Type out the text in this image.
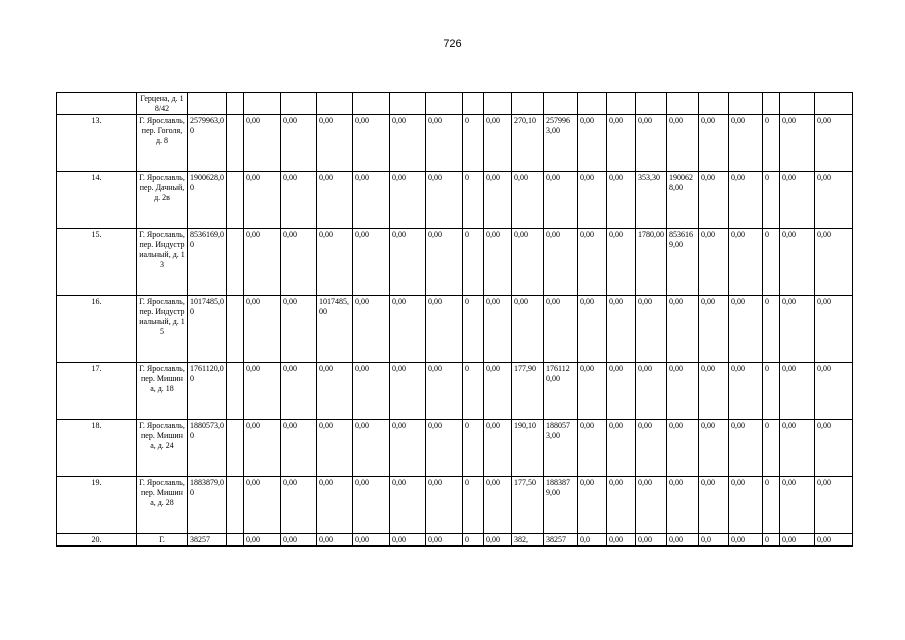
726
	Герцена, д. 18/42																					
13.	Г. Ярославль, пер. Гоголя, д. 8	2579963,00		0,00	0,00	0,00	0,00	0,00	0,00	0	0,00	270,10	2579963,00	0,00	0,00	0,00	0,00	0,00	0,00	0	0,00	0,00
14.	Г. Ярославль, пер. Дачный, д. 2в	1900628,00		0,00	0,00	0,00	0,00	0,00	0,00	0	0,00	0,00	0,00	0,00	0,00	353,30	1900628,00	0,00	0,00	0	0,00	0,00
15.	Г. Ярославль, пер. Индустриальный, д. 13	8536169,00		0,00	0,00	0,00	0,00	0,00	0,00	0	0,00	0,00	0,00	0,00	0,00	1780,00	8536169,00	0,00	0,00	0	0,00	0,00
16.	Г. Ярославль, пер. Индустриальный, д. 15	1017485,00		0,00	0,00	1017485,00	0,00	0,00	0,00	0	0,00	0,00	0,00	0,00	0,00	0,00	0,00	0,00	0,00	0	0,00	0,00
17.	Г. Ярославль, пер. Мишина, д. 18	1761120,00		0,00	0,00	0,00	0,00	0,00	0,00	0	0,00	177,90	1761120,00	0,00	0,00	0,00	0,00	0,00	0,00	0	0,00	0,00
18.	Г. Ярославль, пер. Мишина, д. 24	1880573,00		0,00	0,00	0,00	0,00	0,00	0,00	0	0,00	190,10	1880573,00	0,00	0,00	0,00	0,00	0,00	0,00	0	0,00	0,00
19.	Г. Ярославль, пер. Мишина, д. 28	1883879,00		0,00	0,00	0,00	0,00	0,00	0,00	0	0,00	177,50	1883879,00	0,00	0,00	0,00	0,00	0,00	0,00	0	0,00	0,00
20.	Г.	38257		0,00	0,00	0,00	0,00	0,00	0,00	0	0,00	382,	38257	0,0	0,00	0,00	0,00	0,0	0,00	0	0,00	0,00
